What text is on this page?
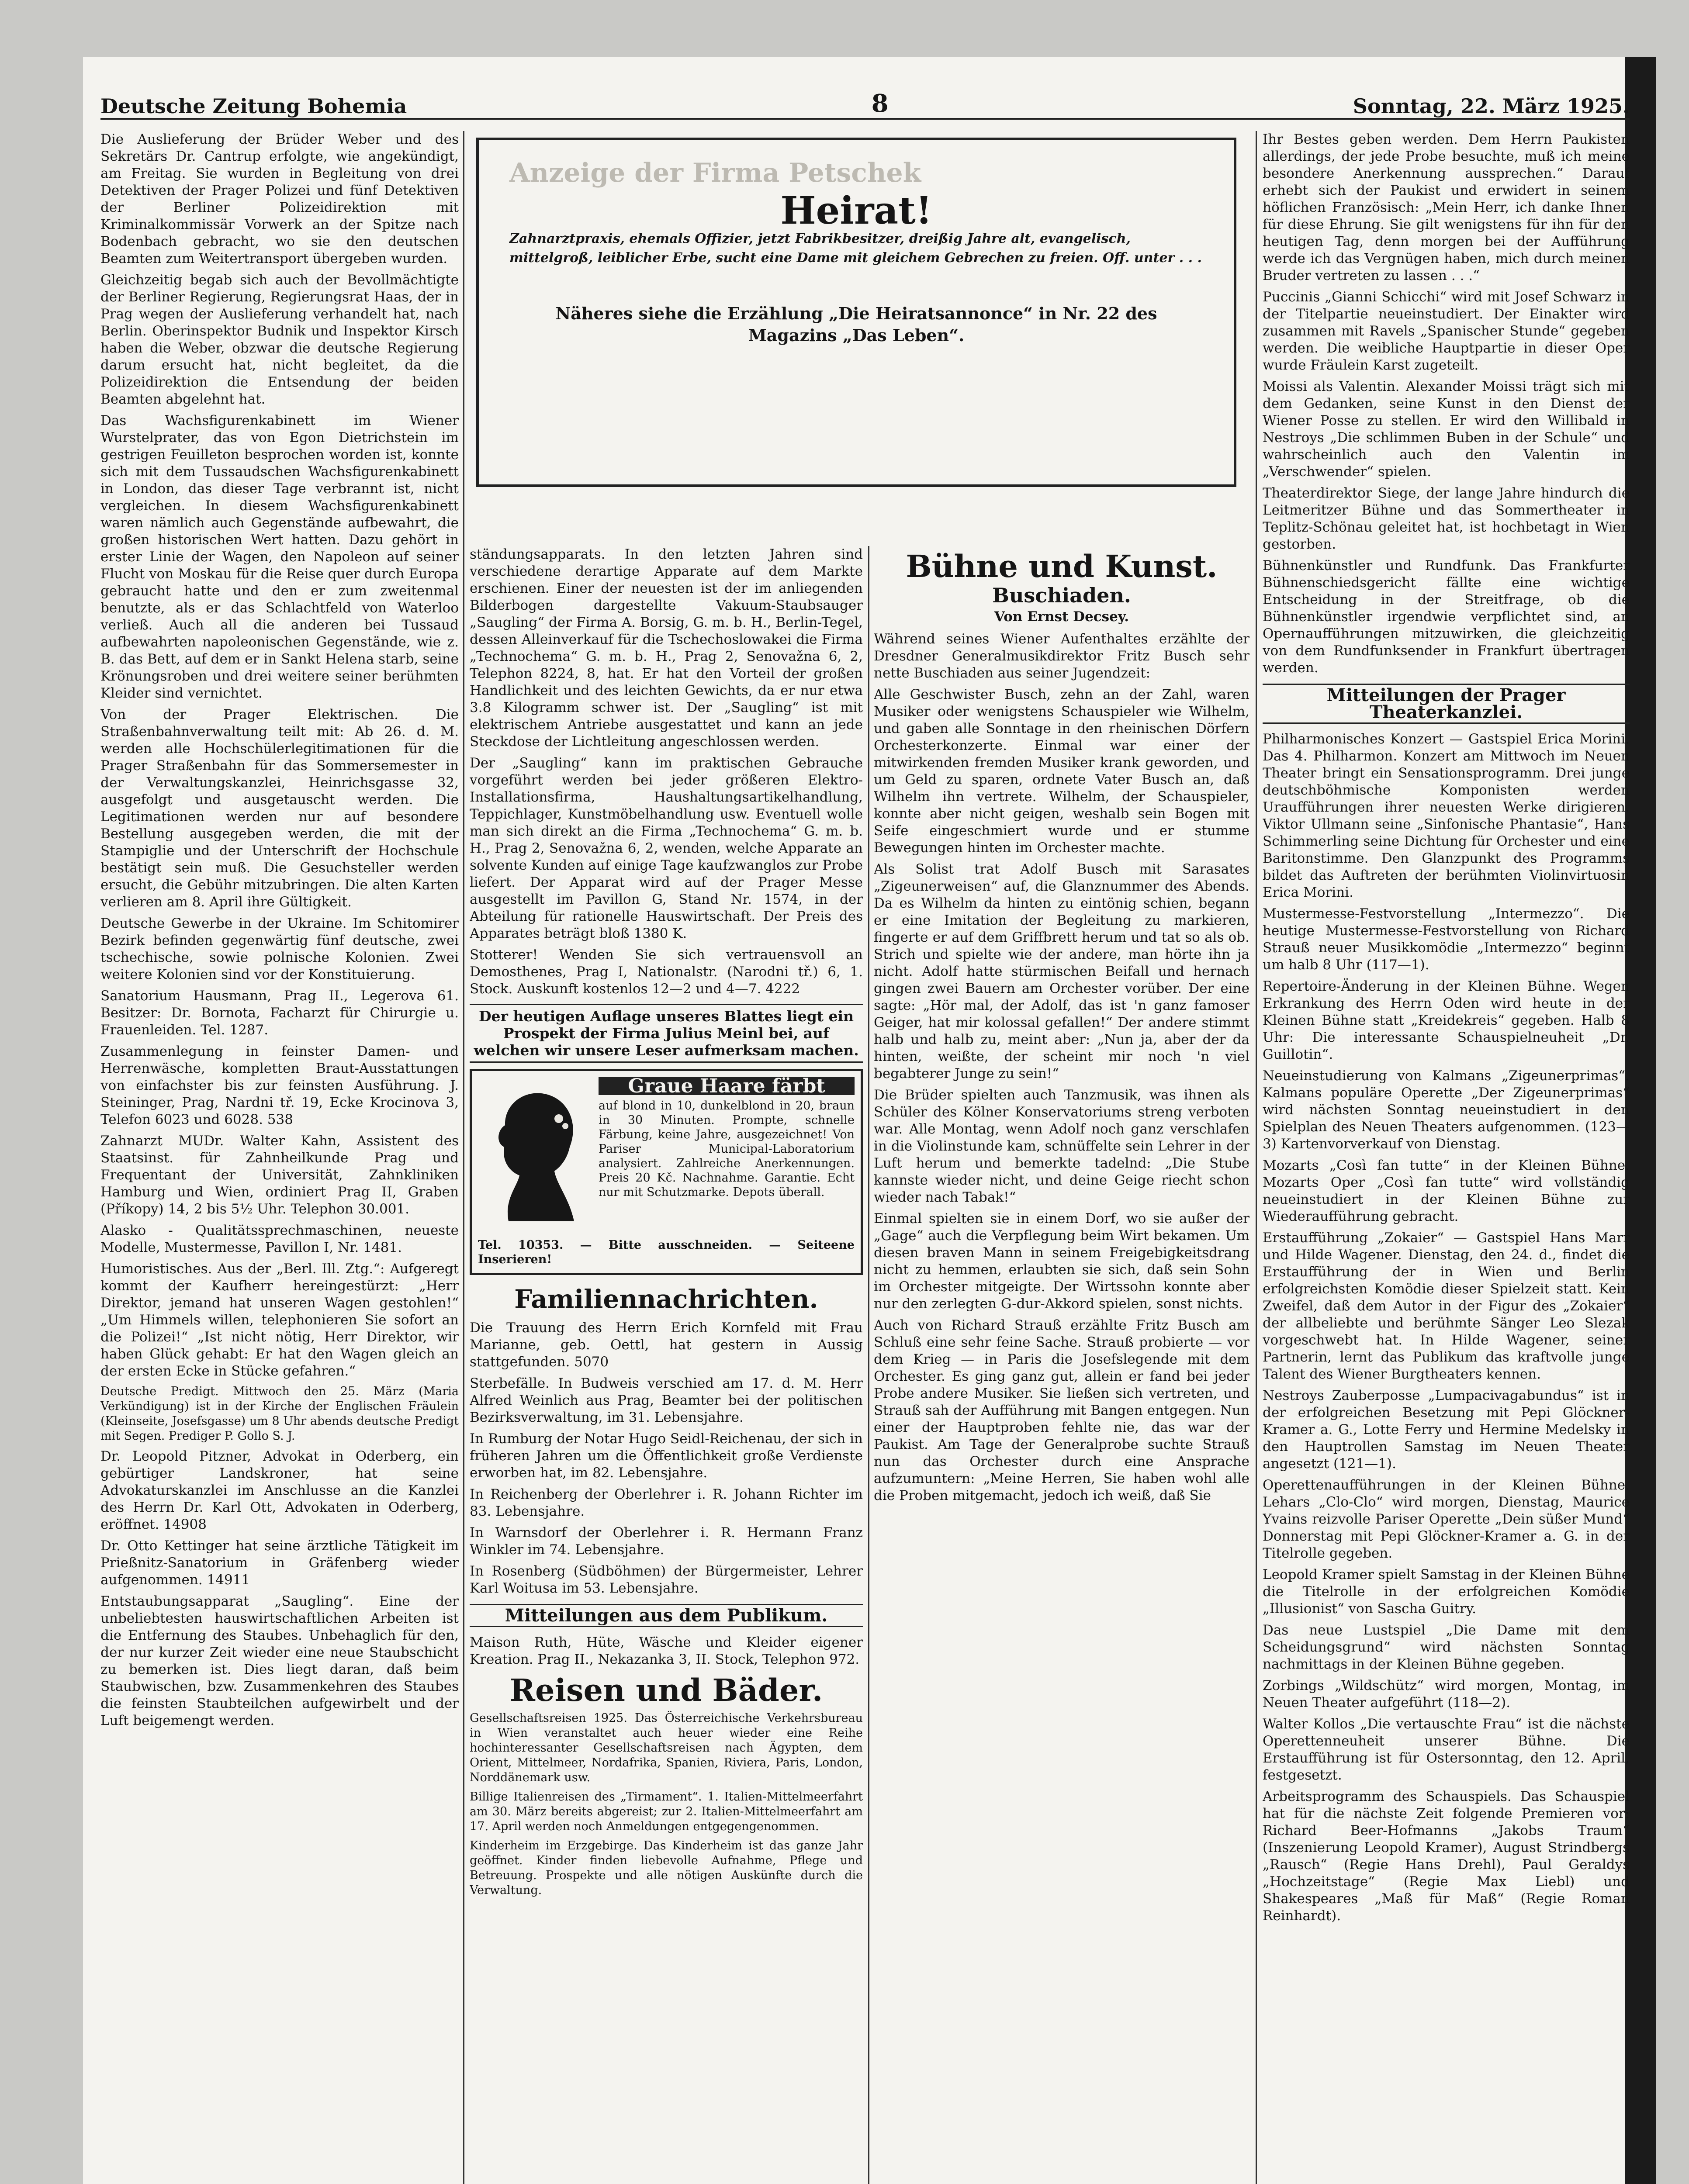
Deutsche Zeitung Bohemia	8	Sonntag, 22. März 1925.

Die Auslieferung der Brüder Weber und des Sekretärs Dr. Cantrup erfolgte, wie angekündigt, am Freitag. Sie wurden in Begleitung von drei Detektiven der Prager Polizei und fünf Detektiven der Berliner Polizeidirektion mit Kriminalkommissär Vorwerk an der Spitze nach Bodenbach gebracht, wo sie den deutschen Beamten zum Weitertransport übergeben wurden.

Gleichzeitig begab sich auch der Bevollmächtigte der Berliner Regierung, Regierungsrat Haas, der in Prag wegen der Auslieferung verhandelt hat, nach Berlin. Oberinspektor Budnik und Inspektor Kirsch haben die Weber, obzwar die deutsche Regierung darum ersucht hat, nicht begleitet, da die Polizeidirektion die Entsendung der beiden Beamten abgelehnt hat.

Das Wachsfigurenkabinett im Wiener Wurstelprater, das von Egon Dietrichstein im gestrigen Feuilleton besprochen worden ist, konnte sich mit dem Tussaudschen Wachsfigurenkabinett in London, das dieser Tage verbrannt ist, nicht vergleichen. In diesem Wachsfigurenkabinett waren nämlich auch Gegenstände aufbewahrt, die großen historischen Wert hatten. Dazu gehört in erster Linie der Wagen, den Napoleon auf seiner Flucht von Moskau für die Reise quer durch Europa gebraucht hatte und den er zum zweitenmal benutzte, als er das Schlachtfeld von Waterloo verließ. Auch all die anderen bei Tussaud aufbewahrten napoleonischen Gegenstände, wie z. B. das Bett, auf dem er in Sankt Helena starb, seine Krönungsroben und drei weitere seiner berühmten Kleider sind vernichtet.

Von der Prager Elektrischen. Die Straßenbahnverwaltung teilt mit: Ab 26. d. M. werden alle Hochschülerlegitimationen für die Prager Straßenbahn für das Sommersemester in der Verwaltungskanzlei, Heinrichsgasse 32, ausgefolgt und ausgetauscht werden. Die Legitimationen werden nur auf besondere Bestellung ausgegeben werden, die mit der Stampiglie und der Unterschrift der Hochschule bestätigt sein muß. Die Gesuchsteller werden ersucht, die Gebühr mitzubringen. Die alten Karten verlieren am 8. April ihre Gültigkeit.

Deutsche Gewerbe in der Ukraine. Im Schitomirer Bezirk befinden gegenwärtig fünf deutsche, zwei tschechische, sowie polnische Kolonien. Zwei weitere Kolonien sind vor der Konstituierung.

Sanatorium Hausmann, Prag II., Legerova 61. Besitzer: Dr. Bornota, Facharzt für Chirurgie u. Frauenleiden. Tel. 1287.

Zusammenlegung in feinster Damen- und Herrenwäsche, kompletten Braut-Ausstattungen von einfachster bis zur feinsten Ausführung. J. Steininger, Prag, Nardni tř. 19, Ecke Krocinova 3, Telefon 6023 und 6028. 538

Zahnarzt MUDr. Walter Kahn, Assistent des Staatsinst. für Zahnheilkunde Prag und Frequentant der Universität, Zahnkliniken Hamburg und Wien, ordiniert Prag II, Graben (Příkopy) 14, 2 bis 5½ Uhr. Telephon 30.001.

Alasko - Qualitätssprechmaschinen, neueste Modelle, Mustermesse, Pavillon I, Nr. 1481.

Humoristisches. Aus der „Berl. Ill. Ztg.“: Aufgeregt kommt der Kaufherr hereingestürzt: „Herr Direktor, jemand hat unseren Wagen gestohlen!“ „Um Himmels willen, telephonieren Sie sofort an die Polizei!“ „Ist nicht nötig, Herr Direktor, wir haben Glück gehabt: Er hat den Wagen gleich an der ersten Ecke in Stücke gefahren.“

Deutsche Predigt. Mittwoch den 25. März (Maria Verkündigung) ist in der Kirche der Englischen Fräulein (Kleinseite, Josefsgasse) um 8 Uhr abends deutsche Predigt mit Segen. Prediger P. Gollo S. J.

Dr. Leopold Pitzner, Advokat in Oderberg, ein gebürtiger Landskroner, hat seine Advokaturskanzlei im Anschlusse an die Kanzlei des Herrn Dr. Karl Ott, Advokaten in Oderberg, eröffnet. 14908

Dr. Otto Kettinger hat seine ärztliche Tätigkeit im Prießnitz-Sanatorium in Gräfenberg wieder aufgenommen. 14911

Entstaubungsapparat „Saugling“. Eine der unbeliebtesten hauswirtschaftlichen Arbeiten ist die Entfernung des Staubes. Unbehaglich für den, der nur kurzer Zeit wieder eine neue Staubschicht zu bemerken ist. Dies liegt daran, daß beim Staubwischen, bzw. Zusammenkehren des Staubes die feinsten Staubteilchen aufgewirbelt und der Luft beigemengt werden.

Anzeige der Firma Petschek
Heirat!
Zahnarztpraxis, ehemals Offizier, jetzt Fabrikbesitzer, dreißig Jahre alt, evangelisch, mittelgroß, leiblicher Erbe, sucht eine Dame mit gleichem Gebrechen zu freien. Off. unter . . .
Näheres siehe die Erzählung „Die Heiratsannonce“ in Nr. 22 des Magazins „Das Leben“.

ständungsapparats. In den letzten Jahren sind verschiedene derartige Apparate auf dem Markte erschienen. Einer der neuesten ist der im anliegenden Bilderbogen dargestellte Vakuum-Staubsauger „Saugling“ der Firma A. Borsig, G. m. b. H., Berlin-Tegel, dessen Alleinverkauf für die Tschechoslowakei die Firma „Technochema“ G. m. b. H., Prag 2, Senovažna 6, 2, Telephon 8224, 8, hat. Er hat den Vorteil der großen Handlichkeit und des leichten Gewichts, da er nur etwa 3.8 Kilogramm schwer ist. Der „Saugling“ ist mit elektrischem Antriebe ausgestattet und kann an jede Steckdose der Lichtleitung angeschlossen werden.

Der „Saugling“ kann im praktischen Gebrauche vorgeführt werden bei jeder größeren Elektro-Installationsfirma, Haushaltungsartikelhandlung, Teppichlager, Kunstmöbelhandlung usw. Eventuell wolle man sich direkt an die Firma „Technochema“ G. m. b. H., Prag 2, Senovažna 6, 2, wenden, welche Apparate an solvente Kunden auf einige Tage kaufzwanglos zur Probe liefert. Der Apparat wird auf der Prager Messe ausgestellt im Pavillon G, Stand Nr. 1574, in der Abteilung für rationelle Hauswirtschaft. Der Preis des Apparates beträgt bloß 1380 K.

Stotterer! Wenden Sie sich vertrauensvoll an Demosthenes, Prag I, Nationalstr. (Narodni tř.) 6, 1. Stock. Auskunft kostenlos 12—2 und 4—7. 4222

Der heutigen Auflage unseres Blattes liegt ein Prospekt der Firma Julius Meinl bei, auf welchen wir unsere Leser aufmerksam machen.
Graue Haare färbt
auf blond in 10, dunkelblond in 20, braun in 30 Minuten. Prompte, schnelle Färbung, keine Jahre, ausgezeichnet! Von Pariser Municipal-Laboratorium analysiert. Zahlreiche Anerkennungen. Preis 20 Kč. Nachnahme. Garantie. Echt nur mit Schutzmarke. Depots überall.
Tel. 10353. — Bitte ausschneiden. — Seiteene Inserieren!
Familiennachrichten.

Die Trauung des Herrn Erich Kornfeld mit Frau Marianne, geb. Oettl, hat gestern in Aussig stattgefunden. 5070

Sterbefälle. In Budweis verschied am 17. d. M. Herr Alfred Weinlich aus Prag, Beamter bei der politischen Bezirksverwaltung, im 31. Lebensjahre.

In Rumburg der Notar Hugo Seidl-Reichenau, der sich in früheren Jahren um die Öffentlichkeit große Verdienste erworben hat, im 82. Lebensjahre.

In Reichenberg der Oberlehrer i. R. Johann Richter im 83. Lebensjahre.

In Warnsdorf der Oberlehrer i. R. Hermann Franz Winkler im 74. Lebensjahre.

In Rosenberg (Südböhmen) der Bürgermeister, Lehrer Karl Woitusa im 53. Lebensjahre.

Mitteilungen aus dem Publikum.

Maison Ruth, Hüte, Wäsche und Kleider eigener Kreation. Prag II., Nekazanka 3, II. Stock, Telephon 972.

Reisen und Bäder.

Gesellschaftsreisen 1925. Das Österreichische Verkehrsbureau in Wien veranstaltet auch heuer wieder eine Reihe hochinteressanter Gesellschaftsreisen nach Ägypten, dem Orient, Mittelmeer, Nordafrika, Spanien, Riviera, Paris, London, Norddänemark usw.

Billige Italienreisen des „Tirmament“. 1. Italien-Mittelmeerfahrt am 30. März bereits abgereist; zur 2. Italien-Mittelmeerfahrt am 17. April werden noch Anmeldungen entgegengenommen.

Kinderheim im Erzgebirge. Das Kinderheim ist das ganze Jahr geöffnet. Kinder finden liebevolle Aufnahme, Pflege und Betreuung. Prospekte und alle nötigen Auskünfte durch die Verwaltung.

Bühne und Kunst.
Buschiaden.
Von Ernst Decsey.

Während seines Wiener Aufenthaltes erzählte der Dresdner Generalmusikdirektor Fritz Busch sehr nette Buschiaden aus seiner Jugendzeit:

Alle Geschwister Busch, zehn an der Zahl, waren Musiker oder wenigstens Schauspieler wie Wilhelm, und gaben alle Sonntage in den rheinischen Dörfern Orchesterkonzerte. Einmal war einer der mitwirkenden fremden Musiker krank geworden, und um Geld zu sparen, ordnete Vater Busch an, daß Wilhelm ihn vertrete. Wilhelm, der Schauspieler, konnte aber nicht geigen, weshalb sein Bogen mit Seife eingeschmiert wurde und er stumme Bewegungen hinten im Orchester machte.

Als Solist trat Adolf Busch mit Sarasates „Zigeunerweisen“ auf, die Glanznummer des Abends. Da es Wilhelm da hinten zu eintönig schien, begann er eine Imitation der Begleitung zu markieren, fingerte er auf dem Griffbrett herum und tat so als ob. Strich und spielte wie der andere, man hörte ihn ja nicht. Adolf hatte stürmischen Beifall und hernach gingen zwei Bauern am Orchester vorüber. Der eine sagte: „Hör mal, der Adolf, das ist 'n ganz famoser Geiger, hat mir kolossal gefallen!“ Der andere stimmt halb und halb zu, meint aber: „Nun ja, aber der da hinten, weißte, der scheint mir noch 'n viel begabterer Junge zu sein!“

Die Brüder spielten auch Tanzmusik, was ihnen als Schüler des Kölner Konservatoriums streng verboten war. Alle Montag, wenn Adolf noch ganz verschlafen in die Violinstunde kam, schnüffelte sein Lehrer in der Luft herum und bemerkte tadelnd: „Die Stube kannste wieder nicht, und deine Geige riecht schon wieder nach Tabak!“

Einmal spielten sie in einem Dorf, wo sie außer der „Gage“ auch die Verpflegung beim Wirt bekamen. Um diesen braven Mann in seinem Freigebigkeitsdrang nicht zu hemmen, erlaubten sie sich, daß sein Sohn im Orchester mitgeigte. Der Wirtssohn konnte aber nur den zerlegten G-dur-Akkord spielen, sonst nichts.

Auch von Richard Strauß erzählte Fritz Busch am Schluß eine sehr feine Sache. Strauß probierte — vor dem Krieg — in Paris die Josefslegende mit dem Orchester. Es ging ganz gut, allein er fand bei jeder Probe andere Musiker. Sie ließen sich vertreten, und Strauß sah der Aufführung mit Bangen entgegen. Nun einer der Hauptproben fehlte nie, das war der Paukist. Am Tage der Generalprobe suchte Strauß nun das Orchester durch eine Ansprache aufzumuntern: „Meine Herren, Sie haben wohl alle die Proben mitgemacht, jedoch ich weiß, daß Sie

Ihr Bestes geben werden. Dem Herrn Paukisten allerdings, der jede Probe besuchte, muß ich meine besondere Anerkennung aussprechen.“ Darauf erhebt sich der Paukist und erwidert in seinem höflichen Französisch: „Mein Herr, ich danke Ihnen für diese Ehrung. Sie gilt wenigstens für ihn für den heutigen Tag, denn morgen bei der Aufführung werde ich das Vergnügen haben, mich durch meinen Bruder vertreten zu lassen . . .“

Puccinis „Gianni Schicchi“ wird mit Josef Schwarz in der Titelpartie neueinstudiert. Der Einakter wird zusammen mit Ravels „Spanischer Stunde“ gegeben werden. Die weibliche Hauptpartie in dieser Oper wurde Fräulein Karst zugeteilt.

Moissi als Valentin. Alexander Moissi trägt sich mit dem Gedanken, seine Kunst in den Dienst der Wiener Posse zu stellen. Er wird den Willibald in Nestroys „Die schlimmen Buben in der Schule“ und wahrscheinlich auch den Valentin im „Verschwender“ spielen.

Theaterdirektor Siege, der lange Jahre hindurch die Leitmeritzer Bühne und das Sommertheater in Teplitz-Schönau geleitet hat, ist hochbetagt in Wien gestorben.

Bühnenkünstler und Rundfunk. Das Frankfurter Bühnenschiedsgericht fällte eine wichtige Entscheidung in der Streitfrage, ob die Bühnenkünstler irgendwie verpflichtet sind, an Opernaufführungen mitzuwirken, die gleichzeitig von dem Rundfunksender in Frankfurt übertragen werden.

Mitteilungen der Prager Theaterkanzlei.

Philharmonisches Konzert — Gastspiel Erica Morini. Das 4. Philharmon. Konzert am Mittwoch im Neuen Theater bringt ein Sensationsprogramm. Drei junge deutschböhmische Komponisten werden Uraufführungen ihrer neuesten Werke dirigieren. Viktor Ullmann seine „Sinfonische Phantasie“, Hans Schimmerling seine Dichtung für Orchester und eine Baritonstimme. Den Glanzpunkt des Programms bildet das Auftreten der berühmten Violinvirtuosin Erica Morini.

Mustermesse-Festvorstellung „Intermezzo“. Die heutige Mustermesse-Festvorstellung von Richard Strauß neuer Musikkomödie „Intermezzo“ beginnt um halb 8 Uhr (117—1).

Repertoire-Änderung in der Kleinen Bühne. Wegen Erkrankung des Herrn Oden wird heute in der Kleinen Bühne statt „Kreidekreis“ gegeben. Halb 8 Uhr: Die interessante Schauspielneuheit „Dr. Guillotin“.

Neueinstudierung von Kalmans „Zigeunerprimas“. Kalmans populäre Operette „Der Zigeunerprimas“ wird nächsten Sonntag neueinstudiert in den Spielplan des Neuen Theaters aufgenommen. (123—3) Kartenvorverkauf von Dienstag.

Mozarts „Così fan tutte“ in der Kleinen Bühne. Mozarts Oper „Così fan tutte“ wird vollständig neueinstudiert in der Kleinen Bühne zur Wiederaufführung gebracht.

Erstaufführung „Zokaier“ — Gastspiel Hans Marr und Hilde Wagener. Dienstag, den 24. d., findet die Erstaufführung der in Wien und Berlin erfolgreichsten Komödie dieser Spielzeit statt. Kein Zweifel, daß dem Autor in der Figur des „Zokaier“ der allbeliebte und berühmte Sänger Leo Slezak vorgeschwebt hat. In Hilde Wagener, seiner Partnerin, lernt das Publikum das kraftvolle junge Talent des Wiener Burgtheaters kennen.

Nestroys Zauberposse „Lumpacivagabundus“ ist in der erfolgreichen Besetzung mit Pepi Glöckner-Kramer a. G., Lotte Ferry und Hermine Medelsky in den Hauptrollen Samstag im Neuen Theater angesetzt (121—1).

Operettenaufführungen in der Kleinen Bühne. Lehars „Clo-Clo“ wird morgen, Dienstag, Maurice Yvains reizvolle Pariser Operette „Dein süßer Mund“ Donnerstag mit Pepi Glöckner-Kramer a. G. in der Titelrolle gegeben.

Leopold Kramer spielt Samstag in der Kleinen Bühne die Titelrolle in der erfolgreichen Komödie „Illusionist“ von Sascha Guitry.

Das neue Lustspiel „Die Dame mit dem Scheidungsgrund“ wird nächsten Sonntag nachmittags in der Kleinen Bühne gegeben.

Zorbings „Wildschütz“ wird morgen, Montag, im Neuen Theater aufgeführt (118—2).

Walter Kollos „Die vertauschte Frau“ ist die nächste Operettenneuheit unserer Bühne. Die Erstaufführung ist für Ostersonntag, den 12. April, festgesetzt.

Arbeitsprogramm des Schauspiels. Das Schauspiel hat für die nächste Zeit folgende Premieren vor: Richard Beer-Hofmanns „Jakobs Traum“ (Inszenierung Leopold Kramer), August Strindbergs „Rausch“ (Regie Hans Drehl), Paul Geraldys „Hochzeitstage“ (Regie Max Liebl) und Shakespeares „Maß für Maß“ (Regie Roman Reinhardt).
